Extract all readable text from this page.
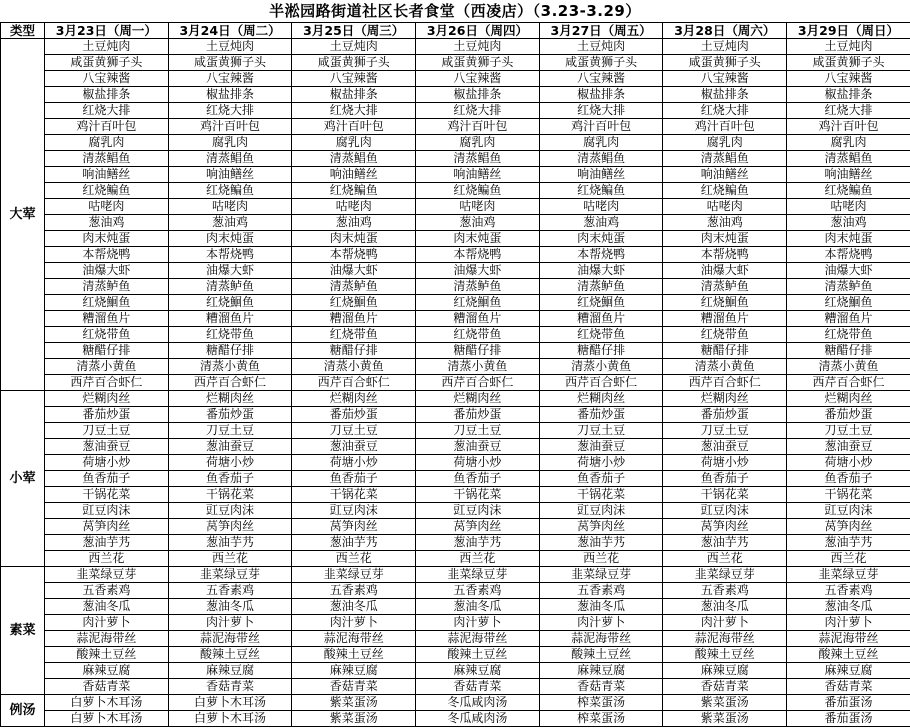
半淞园路街道社区长者食堂（西凌店）（3.23-3.29）
类型	3月23日（周一）	3月24日（周二）	3月25日（周三）	3月26日（周四）	3月27日（周五）	3月28日（周六）	3月29日（周日）
大荤	土豆炖肉	土豆炖肉	土豆炖肉	土豆炖肉	土豆炖肉	土豆炖肉	土豆炖肉
	咸蛋黄狮子头	咸蛋黄狮子头	咸蛋黄狮子头	咸蛋黄狮子头	咸蛋黄狮子头	咸蛋黄狮子头	咸蛋黄狮子头
	八宝辣酱	八宝辣酱	八宝辣酱	八宝辣酱	八宝辣酱	八宝辣酱	八宝辣酱
	椒盐排条	椒盐排条	椒盐排条	椒盐排条	椒盐排条	椒盐排条	椒盐排条
	红烧大排	红烧大排	红烧大排	红烧大排	红烧大排	红烧大排	红烧大排
	鸡汁百叶包	鸡汁百叶包	鸡汁百叶包	鸡汁百叶包	鸡汁百叶包	鸡汁百叶包	鸡汁百叶包
	腐乳肉	腐乳肉	腐乳肉	腐乳肉	腐乳肉	腐乳肉	腐乳肉
	清蒸鲳鱼	清蒸鲳鱼	清蒸鲳鱼	清蒸鲳鱼	清蒸鲳鱼	清蒸鲳鱼	清蒸鲳鱼
	响油鳝丝	响油鳝丝	响油鳝丝	响油鳝丝	响油鳝丝	响油鳝丝	响油鳝丝
	红烧鳊鱼	红烧鳊鱼	红烧鳊鱼	红烧鳊鱼	红烧鳊鱼	红烧鳊鱼	红烧鳊鱼
	咕咾肉	咕咾肉	咕咾肉	咕咾肉	咕咾肉	咕咾肉	咕咾肉
	葱油鸡	葱油鸡	葱油鸡	葱油鸡	葱油鸡	葱油鸡	葱油鸡
	肉末炖蛋	肉末炖蛋	肉末炖蛋	肉末炖蛋	肉末炖蛋	肉末炖蛋	肉末炖蛋
	本帮烧鸭	本帮烧鸭	本帮烧鸭	本帮烧鸭	本帮烧鸭	本帮烧鸭	本帮烧鸭
	油爆大虾	油爆大虾	油爆大虾	油爆大虾	油爆大虾	油爆大虾	油爆大虾
	清蒸鲈鱼	清蒸鲈鱼	清蒸鲈鱼	清蒸鲈鱼	清蒸鲈鱼	清蒸鲈鱼	清蒸鲈鱼
	红烧鮰鱼	红烧鮰鱼	红烧鮰鱼	红烧鮰鱼	红烧鮰鱼	红烧鮰鱼	红烧鮰鱼
	糟溜鱼片	糟溜鱼片	糟溜鱼片	糟溜鱼片	糟溜鱼片	糟溜鱼片	糟溜鱼片
	红烧带鱼	红烧带鱼	红烧带鱼	红烧带鱼	红烧带鱼	红烧带鱼	红烧带鱼
	糖醋仔排	糖醋仔排	糖醋仔排	糖醋仔排	糖醋仔排	糖醋仔排	糖醋仔排
	清蒸小黄鱼	清蒸小黄鱼	清蒸小黄鱼	清蒸小黄鱼	清蒸小黄鱼	清蒸小黄鱼	清蒸小黄鱼
	西芹百合虾仁	西芹百合虾仁	西芹百合虾仁	西芹百合虾仁	西芹百合虾仁	西芹百合虾仁	西芹百合虾仁
小荤	烂糊肉丝	烂糊肉丝	烂糊肉丝	烂糊肉丝	烂糊肉丝	烂糊肉丝	烂糊肉丝
	番茄炒蛋	番茄炒蛋	番茄炒蛋	番茄炒蛋	番茄炒蛋	番茄炒蛋	番茄炒蛋
	刀豆土豆	刀豆土豆	刀豆土豆	刀豆土豆	刀豆土豆	刀豆土豆	刀豆土豆
	葱油蚕豆	葱油蚕豆	葱油蚕豆	葱油蚕豆	葱油蚕豆	葱油蚕豆	葱油蚕豆
	荷塘小炒	荷塘小炒	荷塘小炒	荷塘小炒	荷塘小炒	荷塘小炒	荷塘小炒
	鱼香茄子	鱼香茄子	鱼香茄子	鱼香茄子	鱼香茄子	鱼香茄子	鱼香茄子
	干锅花菜	干锅花菜	干锅花菜	干锅花菜	干锅花菜	干锅花菜	干锅花菜
	豇豆肉沫	豇豆肉沫	豇豆肉沫	豇豆肉沫	豇豆肉沫	豇豆肉沫	豇豆肉沫
	莴笋肉丝	莴笋肉丝	莴笋肉丝	莴笋肉丝	莴笋肉丝	莴笋肉丝	莴笋肉丝
	葱油芋艿	葱油芋艿	葱油芋艿	葱油芋艿	葱油芋艿	葱油芋艿	葱油芋艿
	西兰花	西兰花	西兰花	西兰花	西兰花	西兰花	西兰花
素菜	韭菜绿豆芽	韭菜绿豆芽	韭菜绿豆芽	韭菜绿豆芽	韭菜绿豆芽	韭菜绿豆芽	韭菜绿豆芽
	五香素鸡	五香素鸡	五香素鸡	五香素鸡	五香素鸡	五香素鸡	五香素鸡
	葱油冬瓜	葱油冬瓜	葱油冬瓜	葱油冬瓜	葱油冬瓜	葱油冬瓜	葱油冬瓜
	肉汁萝卜	肉汁萝卜	肉汁萝卜	肉汁萝卜	肉汁萝卜	肉汁萝卜	肉汁萝卜
	蒜泥海带丝	蒜泥海带丝	蒜泥海带丝	蒜泥海带丝	蒜泥海带丝	蒜泥海带丝	蒜泥海带丝
	酸辣土豆丝	酸辣土豆丝	酸辣土豆丝	酸辣土豆丝	酸辣土豆丝	酸辣土豆丝	酸辣土豆丝
	麻辣豆腐	麻辣豆腐	麻辣豆腐	麻辣豆腐	麻辣豆腐	麻辣豆腐	麻辣豆腐
	香菇青菜	香菇青菜	香菇青菜	香菇青菜	香菇青菜	香菇青菜	香菇青菜
例汤	白萝卜木耳汤	白萝卜木耳汤	紫菜蛋汤	冬瓜咸肉汤	榨菜蛋汤	紫菜蛋汤	番茄蛋汤
	白萝卜木耳汤	白萝卜木耳汤	紫菜蛋汤	冬瓜咸肉汤	榨菜蛋汤	紫菜蛋汤	番茄蛋汤
